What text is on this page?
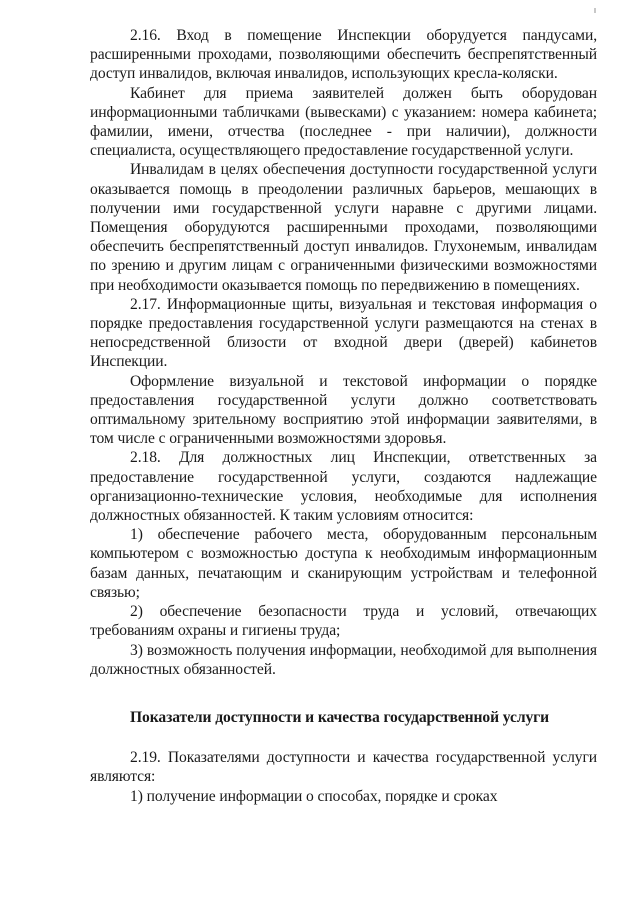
2.16. Вход в помещение Инспекции оборудуется пандусами, расширенными проходами, позволяющими обеспечить беспрепятственный доступ инвалидов, включая инвалидов, использующих кресла-коляски.

Кабинет для приема заявителей должен быть оборудован информационными табличками (вывесками) с указанием: номера кабинета; фамилии, имени, отчества (последнее - при наличии), должности специалиста, осуществляющего предоставление государственной услуги.

Инвалидам в целях обеспечения доступности государственной услуги оказывается помощь в преодолении различных барьеров, мешающих в получении ими государственной услуги наравне с другими лицами. Помещения оборудуются расширенными проходами, позволяющими обеспечить беспрепятственный доступ инвалидов. Глухонемым, инвалидам по зрению и другим лицам с ограниченными физическими возможностями при необходимости оказывается помощь по передвижению в помещениях.

2.17. Информационные щиты, визуальная и текстовая информация о порядке предоставления государственной услуги размещаются на стенах в непосредственной близости от входной двери (дверей) кабинетов Инспекции.

Оформление визуальной и текстовой информации о порядке предоставления государственной услуги должно соответствовать оптимальному зрительному восприятию этой информации заявителями, в том числе с ограниченными возможностями здоровья.

2.18. Для должностных лиц Инспекции, ответственных за предоставление государственной услуги, создаются надлежащие организационно-технические условия, необходимые для исполнения должностных обязанностей. К таким условиям относится:

1) обеспечение рабочего места, оборудованным персональным компьютером с возможностью доступа к необходимым информационным базам данных, печатающим и сканирующим устройствам и телефонной связью;

2) обеспечение безопасности труда и условий, отвечающих требованиям охраны и гигиены труда;

3) возможность получения информации, необходимой для выполнения должностных обязанностей.

Показатели доступности и качества государственной услуги

2.19. Показателями доступности и качества государственной услуги являются:

1) получение информации о способах, порядке и сроках
